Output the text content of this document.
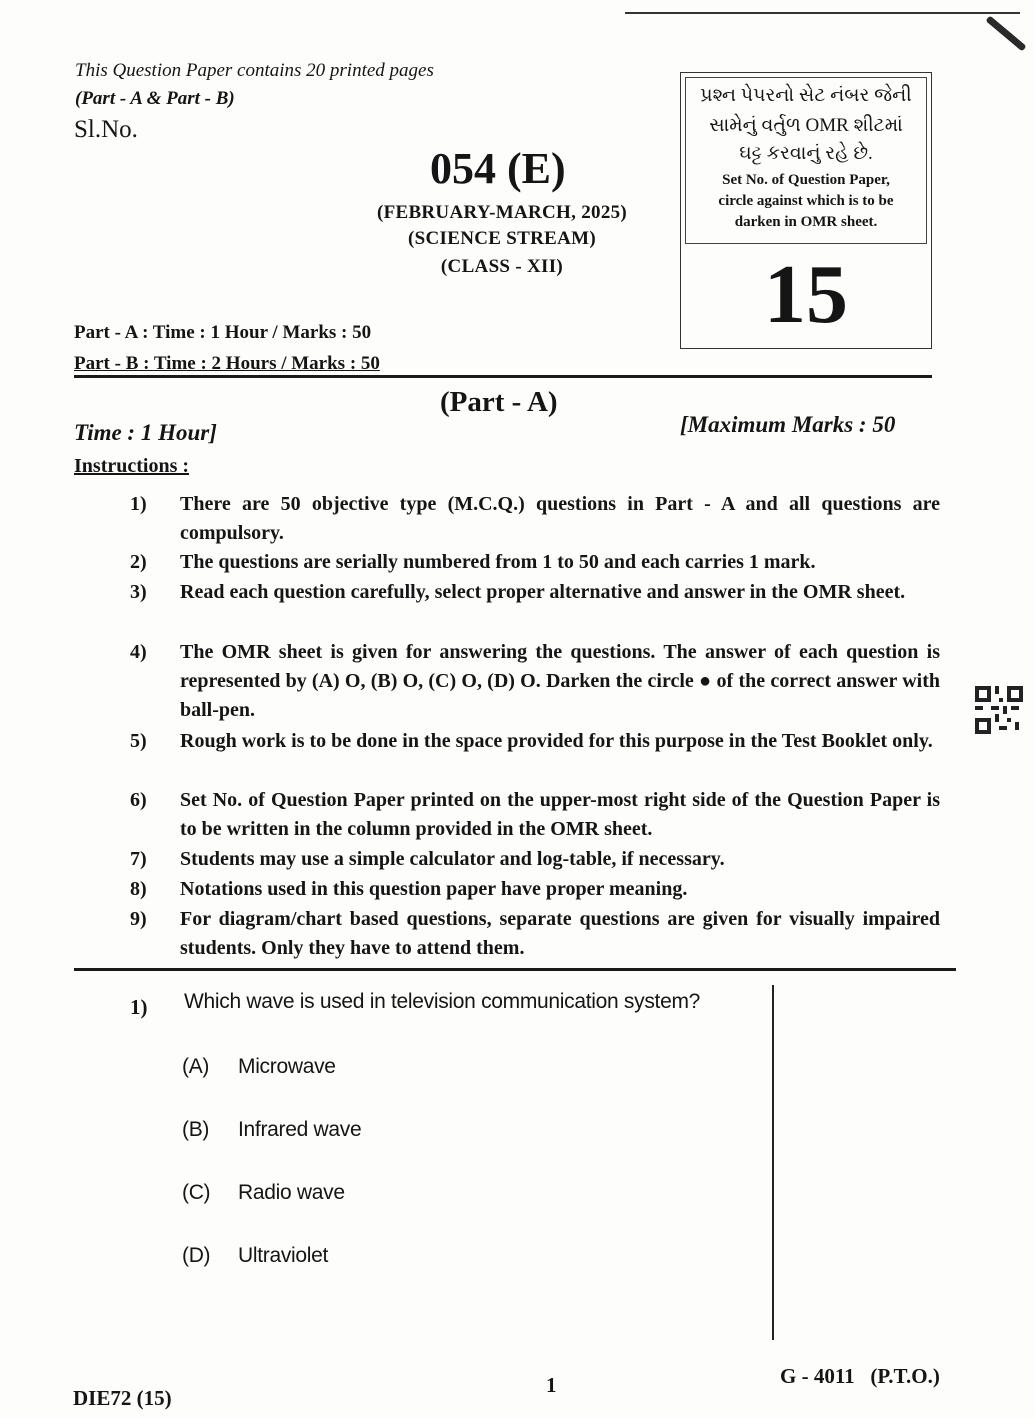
This Question Paper contains 20 printed pages
(Part - A & Part - B)
Sl.No.
054 (E)
(FEBRUARY-MARCH, 2025)
(SCIENCE STREAM)
(CLASS - XII)
પ્રશ્ન પેપરનો સેટ નંબર જેની
સામેનું વર્તુળ OMR શીટમાં
ઘટ્ટ કરવાનું રહે છે.
Set No. of Question Paper,
circle against which is to be
darken in OMR sheet.
15
Part - A : Time : 1 Hour / Marks : 50
Part - B : Time : 2 Hours / Marks : 50
(Part - A)
Time : 1 Hour]	[Maximum Marks : 50
Instructions :
1)	There are 50 objective type (M.C.Q.) questions in Part - A and all questions are compulsory.
2)	The questions are serially numbered from 1 to 50 and each carries 1 mark.
3)	Read each question carefully, select proper alternative and answer in the OMR sheet.
4)	The OMR sheet is given for answering the questions. The answer of each question is represented by (A) O, (B) O, (C) O, (D) O. Darken the circle ● of the correct answer with ball-pen.
5)	Rough work is to be done in the space provided for this purpose in the Test Booklet only.
6)	Set No. of Question Paper printed on the upper-most right side of the Question Paper is to be written in the column provided in the OMR sheet.
7)	Students may use a simple calculator and log-table, if necessary.
8)	Notations used in this question paper have proper meaning.
9)	For diagram/chart based questions, separate questions are given for visually impaired students. Only they have to attend them.
1) Which wave is used in television communication system?
(A) Microwave
(B) Infrared wave
(C) Radio wave
(D) Ultraviolet
DIE72 (15)
1	G - 4011   (P.T.O.)
